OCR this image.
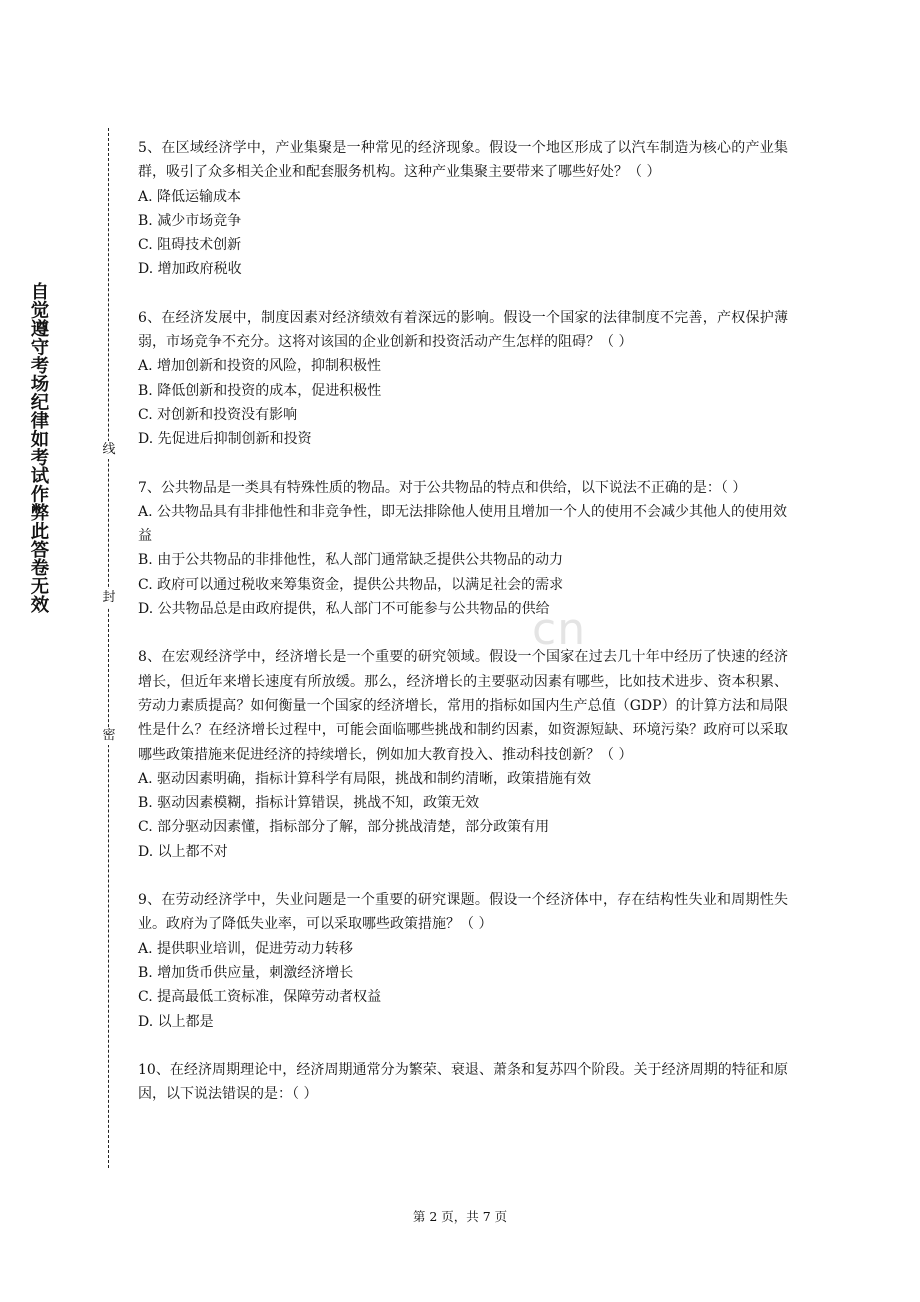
自觉遵守考场纪律如考试作弊此答卷无效	线
封
密
cn

5、在区域经济学中，产业集聚是一种常见的经济现象。假设一个地区形成了以汽车制造为核心的产业集群，吸引了众多相关企业和配套服务机构。这种产业集聚主要带来了哪些好处？（ ）

A. 降低运输成本

B. 减少市场竞争

C. 阻碍技术创新

D. 增加政府税收

6、在经济发展中，制度因素对经济绩效有着深远的影响。假设一个国家的法律制度不完善，产权保护薄弱，市场竞争不充分。这将对该国的企业创新和投资活动产生怎样的阻碍？（ ）

A. 增加创新和投资的风险，抑制积极性

B. 降低创新和投资的成本，促进积极性

C. 对创新和投资没有影响

D. 先促进后抑制创新和投资

7、公共物品是一类具有特殊性质的物品。对于公共物品的特点和供给，以下说法不正确的是：（ ）

A. 公共物品具有非排他性和非竞争性，即无法排除他人使用且增加一个人的使用不会减少其他人的使用效益

B. 由于公共物品的非排他性，私人部门通常缺乏提供公共物品的动力

C. 政府可以通过税收来筹集资金，提供公共物品，以满足社会的需求

D. 公共物品总是由政府提供，私人部门不可能参与公共物品的供给

8、在宏观经济学中，经济增长是一个重要的研究领域。假设一个国家在过去几十年中经历了快速的经济增长，但近年来增长速度有所放缓。那么，经济增长的主要驱动因素有哪些，比如技术进步、资本积累、劳动力素质提高？如何衡量一个国家的经济增长，常用的指标如国内生产总值（GDP）的计算方法和局限性是什么？在经济增长过程中，可能会面临哪些挑战和制约因素，如资源短缺、环境污染？政府可以采取哪些政策措施来促进经济的持续增长，例如加大教育投入、推动科技创新？（ ）

A. 驱动因素明确，指标计算科学有局限，挑战和制约清晰，政策措施有效

B. 驱动因素模糊，指标计算错误，挑战不知，政策无效

C. 部分驱动因素懂，指标部分了解，部分挑战清楚，部分政策有用

D. 以上都不对

9、在劳动经济学中，失业问题是一个重要的研究课题。假设一个经济体中，存在结构性失业和周期性失业。政府为了降低失业率，可以采取哪些政策措施？（ ）

A. 提供职业培训，促进劳动力转移

B. 增加货币供应量，刺激经济增长

C. 提高最低工资标准，保障劳动者权益

D. 以上都是

10、在经济周期理论中，经济周期通常分为繁荣、衰退、萧条和复苏四个阶段。关于经济周期的特征和原因，以下说法错误的是：（ ）

第 2 页，共 7 页
